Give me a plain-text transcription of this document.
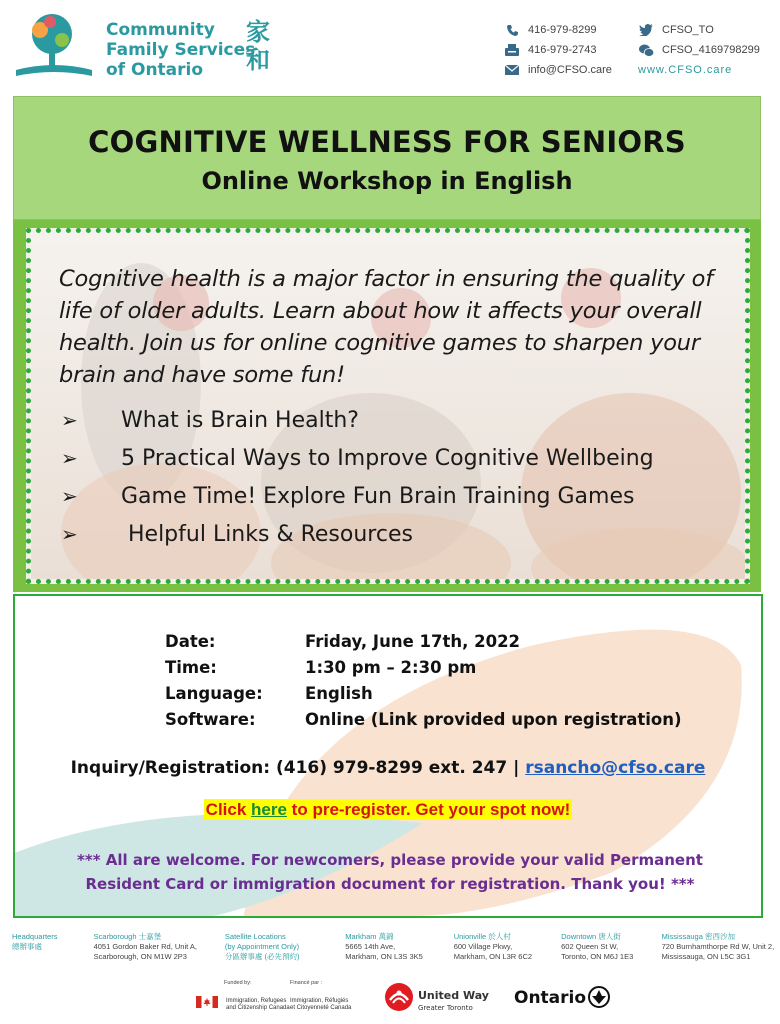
Community
Family Services
of Ontario
家
和
416-979-8299
416-979-2743
info@CFSO.care
CFSO_TO
CFSO_4169798299
www.CFSO.care
COGNITIVE WELLNESS FOR SENIORS
Online Workshop in English
Cognitive health is a major factor in ensuring the quality of life of older adults. Learn about how it affects your overall health. Join us for online cognitive games to sharpen your brain and have some fun!
➢	What is Brain Health?
➢	5 Practical Ways to Improve Cognitive Wellbeing
➢	Game Time! Explore Fun Brain Training Games
➢	Helpful Links & Resources
Date:	Friday, June 17th, 2022
Time:	1:30 pm – 2:30 pm
Language:	English
Software:	Online (Link provided upon registration)
Inquiry/Registration: (416) 979-8299 ext. 247 | rsancho@cfso.care
Click here to pre-register. Get your spot now!
*** All are welcome. For newcomers, please provide your valid Permanent Resident Card or immigration document for registration. Thank you! ***
Headquarters
總辦事處
Scarborough 士嘉堡
4051 Gordon Baker Rd, Unit A,
Scarborough, ON M1W 2P3
Satellite Locations
(by Appointment Only)
分區辦事處 (必先預約)
Markham 萬錦
5665 14th Ave,
Markham, ON L3S 3K5
Unionville 於人村
600 Village Pkwy,
Markham, ON L3R 6C2
Downtown 唐人街
602 Queen St W,
Toronto, ON M6J 1E3
Mississauga 密西沙加
720 Burnhamthorpe Rd W, Unit 2,
Mississauga, ON L5C 3G1
Funded by:	Financé par :
Immigration, Refugees
and Citizenship Canada
Immigration, Réfugiés
et Citoyenneté Canada
United Way
Greater Toronto	Ontario
